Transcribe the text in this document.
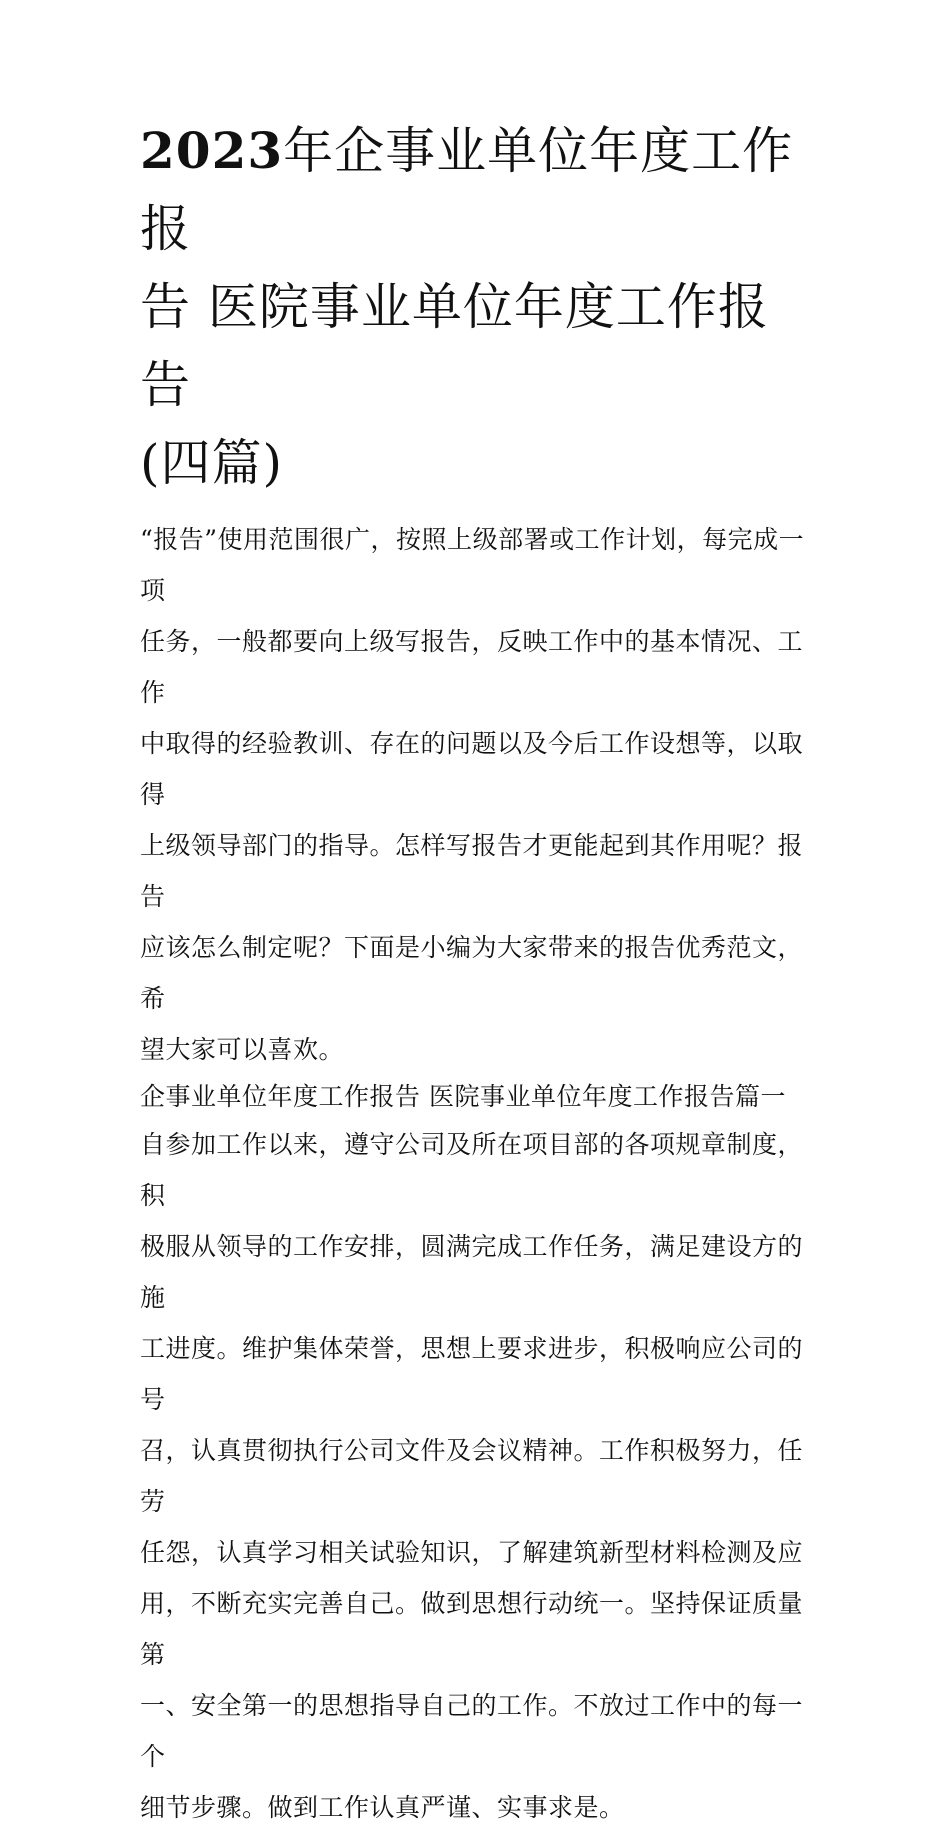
2023年企事业单位年度工作报
告 医院事业单位年度工作报告
(四篇)
“报告”使用范围很广，按照上级部署或工作计划，每完成一项
任务，一般都要向上级写报告，反映工作中的基本情况、工作
中取得的经验教训、存在的问题以及今后工作设想等，以取得
上级领导部门的指导。怎样写报告才更能起到其作用呢？报告
应该怎么制定呢？下面是小编为大家带来的报告优秀范文，希
望大家可以喜欢。
企事业单位年度工作报告 医院事业单位年度工作报告篇一
自参加工作以来，遵守公司及所在项目部的各项规章制度，积
极服从领导的工作安排，圆满完成工作任务，满足建设方的施
工进度。维护集体荣誉，思想上要求进步，积极响应公司的号
召，认真贯彻执行公司文件及会议精神。工作积极努力，任劳
任怨，认真学习相关试验知识，了解建筑新型材料检测及应
用，不断充实完善自己。做到思想行动统一。坚持保证质量第
一、安全第一的思想指导自己的工作。不放过工作中的每一个
细节步骤。做到工作认真严谨、实事求是。
